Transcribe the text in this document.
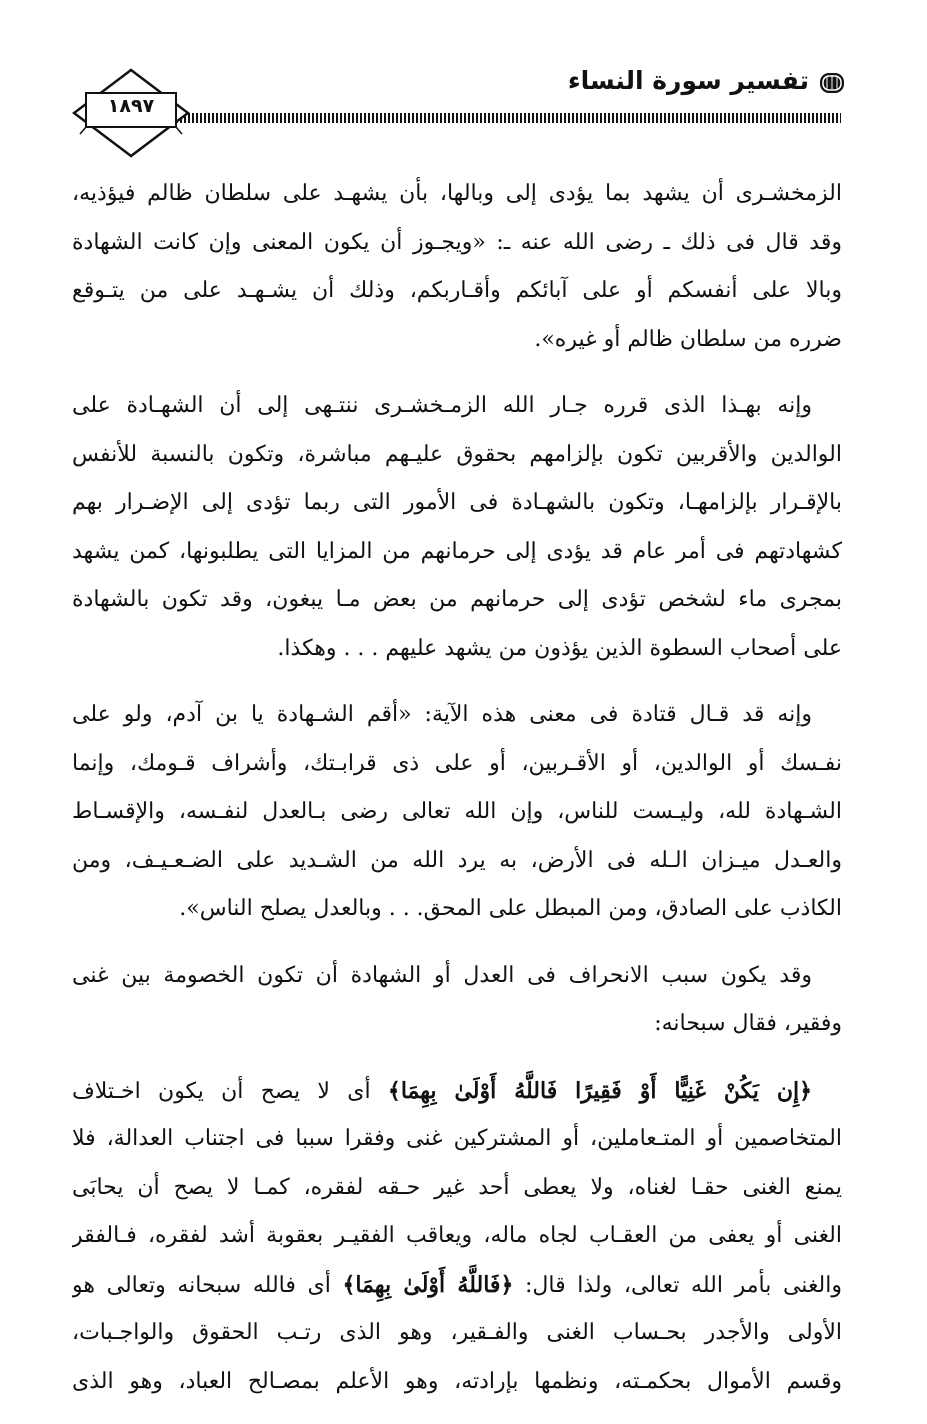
تفسير سورة النساء
١٨٩٧
الزمخشـرى أن يشهد بما يؤدى إلى وبالها، بأن يشهـد على سلطان ظالم فيؤذيه،
وقد قال فى ذلك ـ رضى الله عنه ـ: «ويجـوز أن يكون المعنى وإن كانت الشهادة
وبالا على أنفسكم أو على آبائكم وأقـاربكم، وذلك أن يشـهـد على من يتـوقع
ضرره من سلطان ظالم أو غيره».
وإنه بهـذا الذى قرره جـار الله الزمـخشـرى ننتـهى إلى أن الشهـادة على
الوالدين والأقربين تكون بإلزامهم بحقوق عليـهم مباشرة، وتكون بالنسبة للأنفس
بالإقـرار بإلزامهـا، وتكون بالشهـادة فى الأمور التى ربما تؤدى إلى الإضـرار بهم
كشهادتهم فى أمر عام قد يؤدى إلى حرمانهم من المزايا التى يطلبونها، كمن يشهد
بمجرى ماء لشخص تؤدى إلى حرمانهم من بعض مـا يبغون، وقد تكون بالشهادة
على أصحاب السطوة الذين يؤذون من يشهد عليهم . . . وهكذا.
وإنه قد قـال قتادة فى معنى هذه الآية: «أقم الشـهادة يا بن آدم، ولو على
نفـسك أو الوالدين، أو الأقـربين، أو على ذى قرابـتك، وأشراف قـومك، وإنما
الشـهادة لله، وليـست للناس، وإن الله تعالى رضى بـالعدل لنفـسه، والإقسـاط
والعـدل ميـزان الـله فى الأرض، به يرد الله من الشـديد على الضـعـيـف، ومن
الكاذب على الصادق، ومن المبطل على المحق. . . وبالعدل يصلح الناس».
وقد يكون سبب الانحراف فى العدل أو الشهادة أن تكون الخصومة بين غنى
وفقير، فقال سبحانه:
﴿إِن يَكُنْ غَنِيًّا أَوْ فَقِيرًا فَاللَّهُ أَوْلَىٰ بِهِمَا﴾ أى لا يصح أن يكون اخـتلاف
المتخاصمين أو المتـعاملين، أو المشتركين غنى وفقرا سببا فى اجتناب العدالة، فلا
يمنع الغنى حقـا لغناه، ولا يعطى أحد غير حـقه لفقره، كمـا لا يصح أن يحابَى
الغنى أو يعفى من العقـاب لجاه ماله، ويعاقب الفقيـر بعقوبة أشد لفقره، فـالفقر
والغنى بأمر الله تعالى، ولذا قال: ﴿فَاللَّهُ أَوْلَىٰ بِهِمَا﴾ أى فالله سبحانه وتعالى هو
الأولى والأجدر بحـساب الغنى والفـقير، وهو الذى رتـب الحقوق والواجـبات،
وقسم الأموال بحكمـته، ونظمها بإرادته، وهو الأعلم بمصـالح العباد، وهو الذى
